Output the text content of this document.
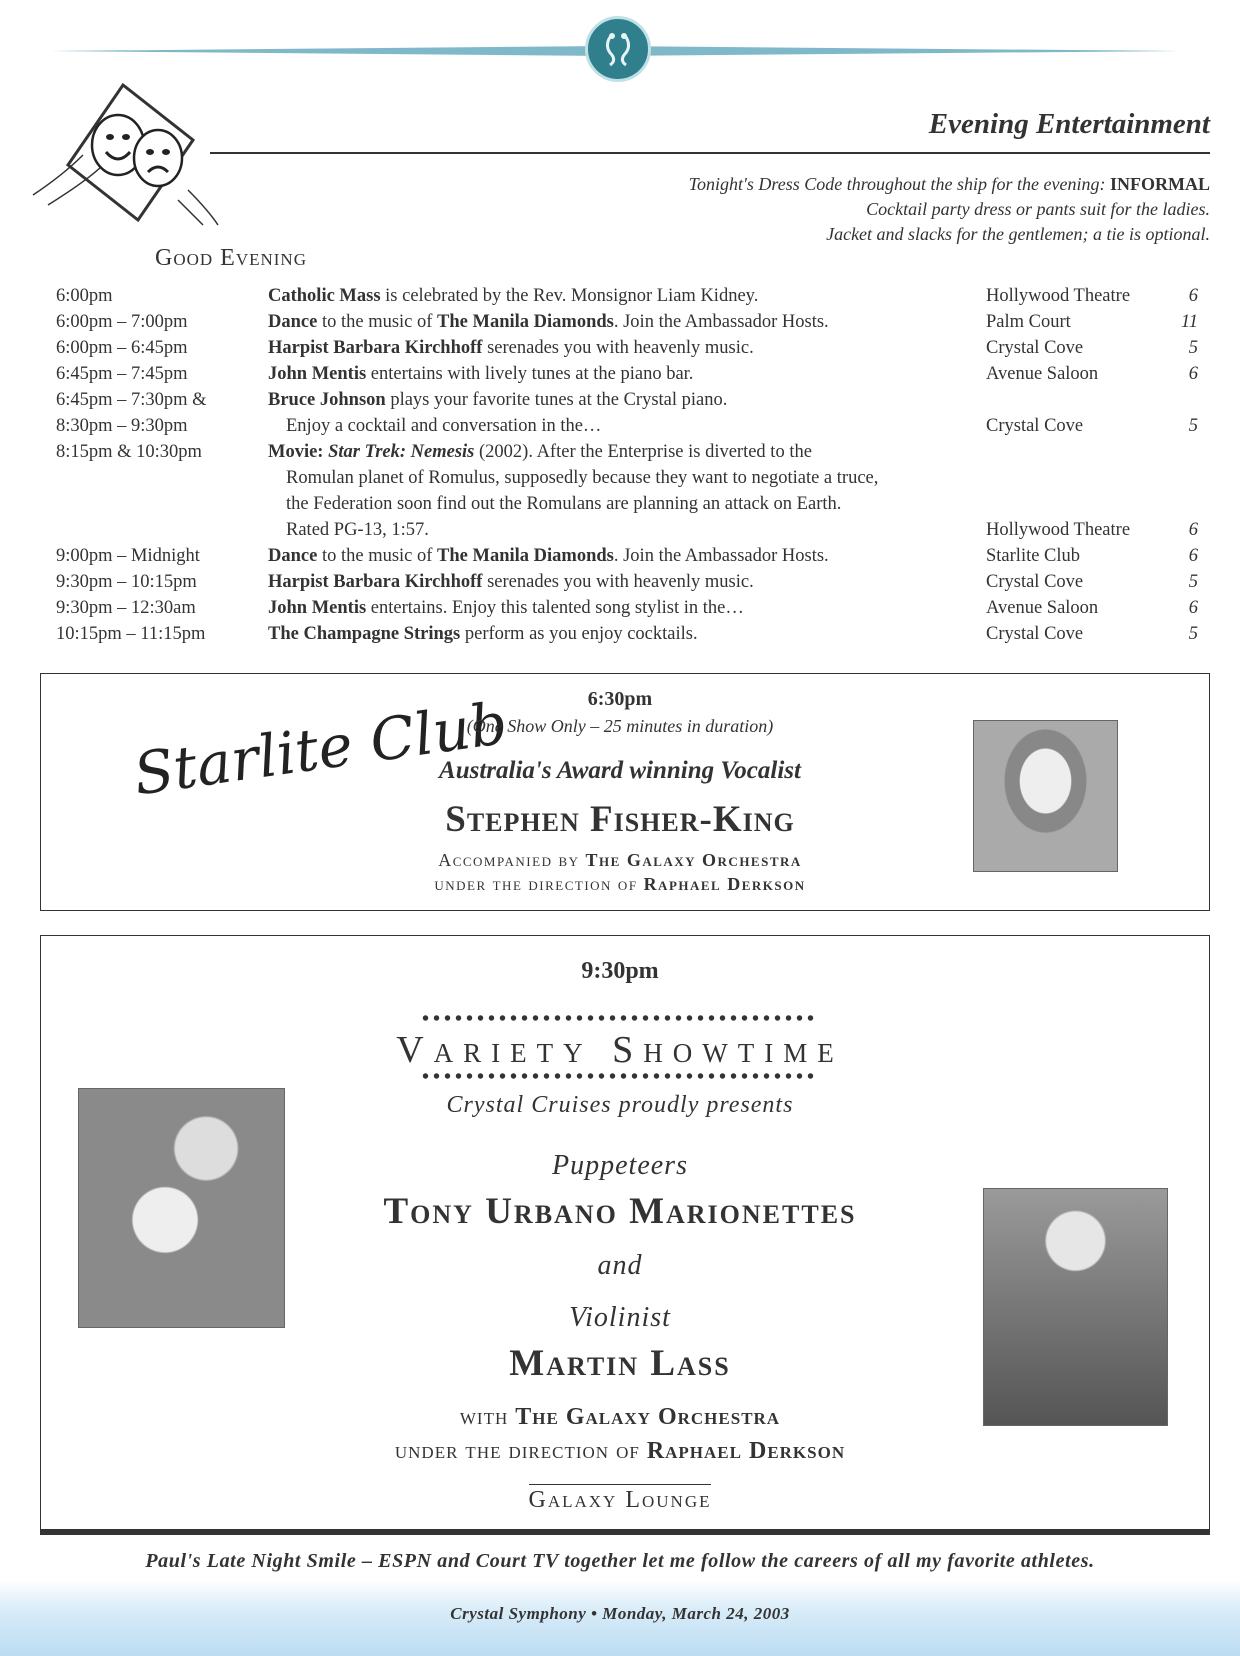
Evening Entertainment
Tonight's Dress Code throughout the ship for the evening: INFORMAL
Cocktail party dress or pants suit for the ladies.
Jacket and slacks for the gentlemen; a tie is optional.
Good Evening
6:00pm	Catholic Mass is celebrated by the Rev. Monsignor Liam Kidney.	Hollywood Theatre	6
6:00pm – 7:00pm	Dance to the music of The Manila Diamonds. Join the Ambassador Hosts.	Palm Court	11
6:00pm – 6:45pm	Harpist Barbara Kirchhoff serenades you with heavenly music.	Crystal Cove	5
6:45pm – 7:45pm	John Mentis entertains with lively tunes at the piano bar.	Avenue Saloon	6
6:45pm – 7:30pm &	Bruce Johnson plays your favorite tunes at the Crystal piano.
8:30pm – 9:30pm	Enjoy a cocktail and conversation in the…	Crystal Cove	5
8:15pm & 10:30pm	Movie: Star Trek: Nemesis (2002). After the Enterprise is diverted to the
Romulan planet of Romulus, supposedly because they want to negotiate a truce,
the Federation soon find out the Romulans are planning an attack on Earth.
Rated PG-13, 1:57.	Hollywood Theatre	6
9:00pm – Midnight	Dance to the music of The Manila Diamonds. Join the Ambassador Hosts.	Starlite Club	6
9:30pm – 10:15pm	Harpist Barbara Kirchhoff serenades you with heavenly music.	Crystal Cove	5
9:30pm – 12:30am	John Mentis entertains. Enjoy this talented song stylist in the…	Avenue Saloon	6
10:15pm – 11:15pm	The Champagne Strings perform as you enjoy cocktails.	Crystal Cove	5
Starlite Club	6:30pm
(One Show Only – 25 minutes in duration)
Australia's Award winning Vocalist
Stephen Fisher-King
Accompanied by The Galaxy Orchestra
under the direction of Raphael Derkson
9:30pm
••••••••••••••••••••••••••••••••••••
Variety Showtime
••••••••••••••••••••••••••••••••••••
Crystal Cruises proudly presents
Puppeteers
Tony Urbano Marionettes
and
Violinist
Martin Lass
with The Galaxy Orchestra
under the direction of Raphael Derkson
Galaxy Lounge
Paul's Late Night Smile – ESPN and Court TV together let me follow the careers of all my favorite athletes.
Crystal Symphony • Monday, March 24, 2003
